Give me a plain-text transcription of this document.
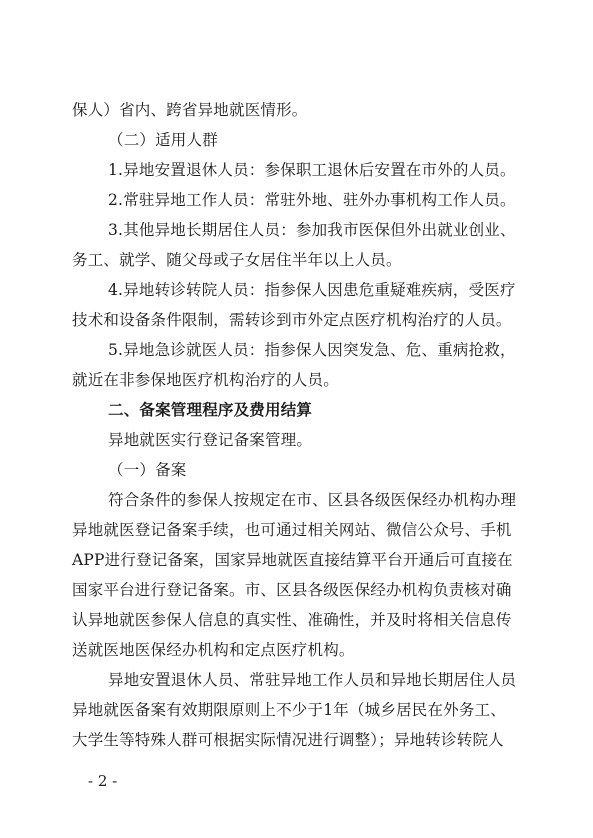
保人）省内、跨省异地就医情形。
（二）适用人群
1.异地安置退休人员：参保职工退休后安置在市外的人员。
2.常驻异地工作人员：常驻外地、驻外办事机构工作人员。
3.其他异地长期居住人员：参加我市医保但外出就业创业、
务工、就学、随父母或子女居住半年以上人员。
4.异地转诊转院人员：指参保人因患危重疑难疾病，受医疗
技术和设备条件限制，需转诊到市外定点医疗机构治疗的人员。
5.异地急诊就医人员：指参保人因突发急、危、重病抢救，
就近在非参保地医疗机构治疗的人员。
二、备案管理程序及费用结算
异地就医实行登记备案管理。
（一）备案
符合条件的参保人按规定在市、区县各级医保经办机构办理
异地就医登记备案手续，也可通过相关网站、微信公众号、手机
APP进行登记备案，国家异地就医直接结算平台开通后可直接在
国家平台进行登记备案。市、区县各级医保经办机构负责核对确
认异地就医参保人信息的真实性、准确性，并及时将相关信息传
送就医地医保经办机构和定点医疗机构。
异地安置退休人员、常驻异地工作人员和异地长期居住人员
异地就医备案有效期限原则上不少于1年（城乡居民在外务工、
大学生等特殊人群可根据实际情况进行调整）；异地转诊转院人
- 2 -
